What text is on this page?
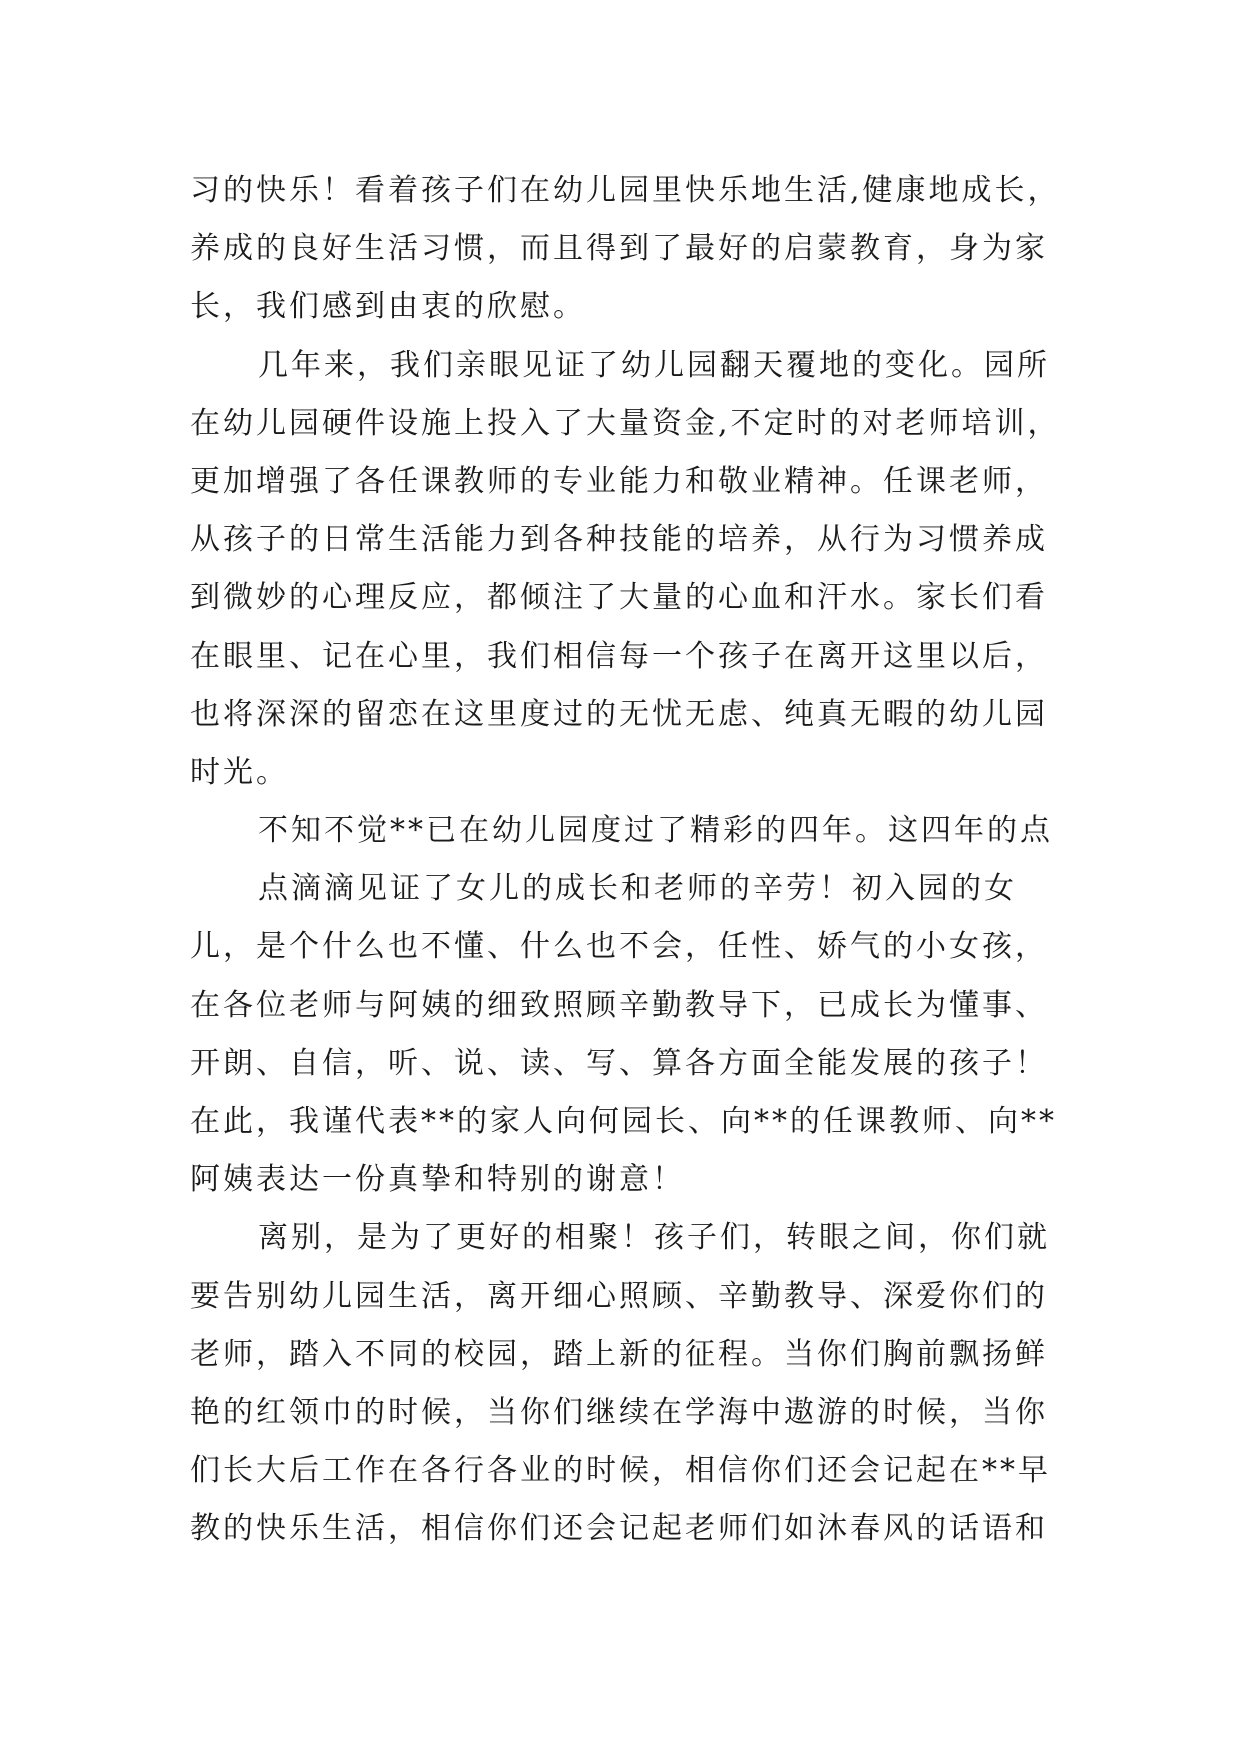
习的快乐！看着孩子们在幼儿园里快乐地生活,健康地成长，
养成的良好生活习惯，而且得到了最好的启蒙教育，身为家
长，我们感到由衷的欣慰。
几年来，我们亲眼见证了幼儿园翻天覆地的变化。园所
在幼儿园硬件设施上投入了大量资金,不定时的对老师培训，
更加增强了各任课教师的专业能力和敬业精神。任课老师，
从孩子的日常生活能力到各种技能的培养，从行为习惯养成
到微妙的心理反应，都倾注了大量的心血和汗水。家长们看
在眼里、记在心里，我们相信每一个孩子在离开这里以后，
也将深深的留恋在这里度过的无忧无虑、纯真无暇的幼儿园
时光。
不知不觉**已在幼儿园度过了精彩的四年。这四年的点
点滴滴见证了女儿的成长和老师的辛劳！初入园的女
儿，是个什么也不懂、什么也不会，任性、娇气的小女孩，
在各位老师与阿姨的细致照顾辛勤教导下，已成长为懂事、
开朗、自信，听、说、读、写、算各方面全能发展的孩子！
在此，我谨代表**的家人向何园长、向**的任课教师、向**
阿姨表达一份真挚和特别的谢意！
离别，是为了更好的相聚！孩子们，转眼之间，你们就
要告别幼儿园生活，离开细心照顾、辛勤教导、深爱你们的
老师，踏入不同的校园，踏上新的征程。当你们胸前飘扬鲜
艳的红领巾的时候，当你们继续在学海中遨游的时候，当你
们长大后工作在各行各业的时候，相信你们还会记起在**早
教的快乐生活，相信你们还会记起老师们如沐春风的话语和
